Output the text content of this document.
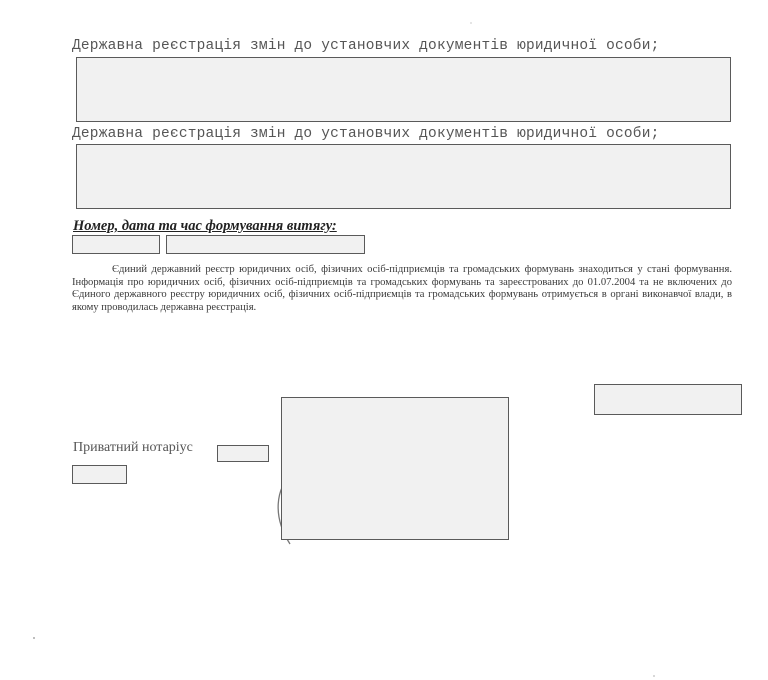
Державна реєстрація змін до установчих документів юридичної особи;
Державна реєстрація змін до установчих документів юридичної особи;
Номер, дата та час формування витягу:
Єдиний державний реєстр юридичних осіб, фізичних осіб-підприємців та громадських формувань знаходиться у стані формування. Інформація про юридичних осіб, фізичних осіб-підприємців та громадських формувань та зареєстрованих до 01.07.2004 та не включених до Єдиного державного реєстру юридичних осіб, фізичних осіб-підприємців та громадських формувань отримується в органі виконавчої влади, в якому проводилась державна реєстрація.
Приватний нотаріус
